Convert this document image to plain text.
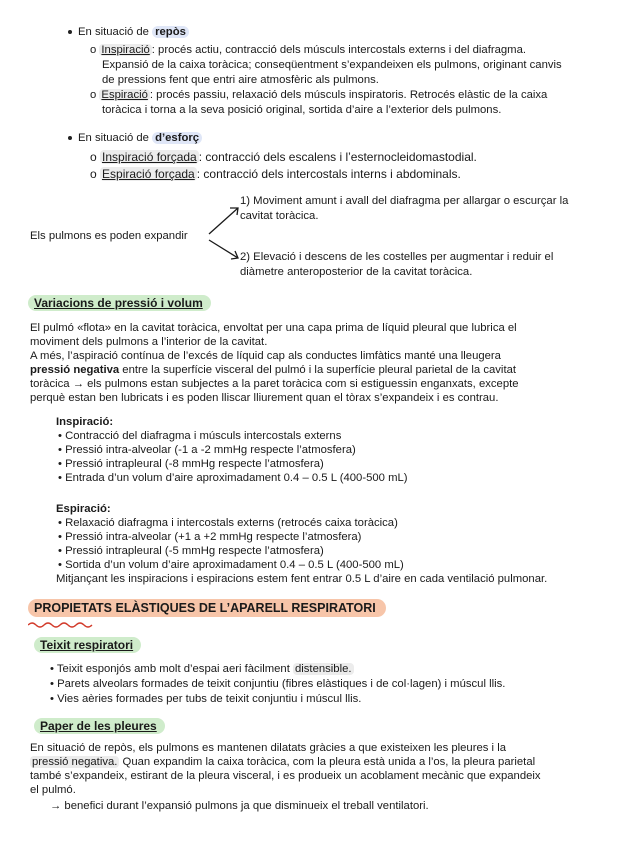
En situació de repòs
o Inspiració : procés actiu, contracció dels músculs intercostals externs i del diafragma.
Expansió de la caixa toràcica; conseqüentment s’expandeixen els pulmons, originant canvis
de pressions fent que entri aire atmosfèric als pulmons.
o Espiració : procés passiu, relaxació dels músculs inspiratoris. Retrocés elàstic de la caixa
toràcica i torna a la seva posició original, sortida d’aire a l’exterior dels pulmons.
En situació de d’esforç
o Inspiració forçada : contracció dels escalens i l’esternocleidomastodial.
o Espiració forçada : contracció dels intercostals interns i abdominals.
Els pulmons es poden expandir
1) Moviment amunt i avall del diafragma per allargar o escurçar la
cavitat toràcica.
2) Elevació i descens de les costelles per augmentar i reduir el
diàmetre anteroposterior de la cavitat toràcica.
Variacions de pressió i volum
El pulmó «flota» en la cavitat toràcica, envoltat per una capa prima de líquid pleural que lubrica el
moviment dels pulmons a l’interior de la cavitat.
A més, l’aspiració contínua de l’excés de líquid cap als conductes limfàtics manté una lleugera
pressió negativa entre la superfície visceral del pulmó i la superfície pleural parietal de la cavitat
toràcica → els pulmons estan subjectes a la paret toràcica com si estiguessin enganxats, excepte
perquè estan ben lubricats i es poden lliscar lliurement quan el tòrax s’expandeix i es contrau.
Inspiració:
• Contracció del diafragma i músculs intercostals externs
• Pressió intra-alveolar (-1 a -2 mmHg respecte l’atmosfera)
• Pressió intrapleural (-8 mmHg respecte l’atmosfera)
• Entrada d’un volum d’aire aproximadament 0.4 – 0.5 L (400-500 mL)
Espiració:
• Relaxació diafragma i intercostals externs (retrocés caixa toràcica)
• Pressió intra-alveolar (+1 a +2 mmHg respecte l’atmosfera)
• Pressió intrapleural (-5 mmHg respecte l’atmosfera)
• Sortida d’un volum d’aire aproximadament 0.4 – 0.5 L (400-500 mL)
Mitjançant les inspiracions i espiracions estem fent entrar 0.5 L d’aire en cada ventilació pulmonar.
PROPIETATS ELÀSTIQUES DE L’APARELL RESPIRATORI
Teixit respiratori
• Teixit esponjós amb molt d’espai aeri fàcilment distensible.
• Parets alveolars formades de teixit conjuntiu (fibres elàstiques i de col·lagen) i múscul llis.
• Vies aèries formades per tubs de teixit conjuntiu i múscul llis.
Paper de les pleures
En situació de repòs, els pulmons es mantenen dilatats gràcies a que existeixen les pleures i la
pressió negativa. Quan expandim la caixa toràcica, com la pleura està unida a l’os, la pleura parietal
també s’expandeix, estirant de la pleura visceral, i es produeix un acoblament mecànic que expandeix
el pulmó.
→ benefici durant l’expansió pulmons ja que disminueix el treball ventilatori.
